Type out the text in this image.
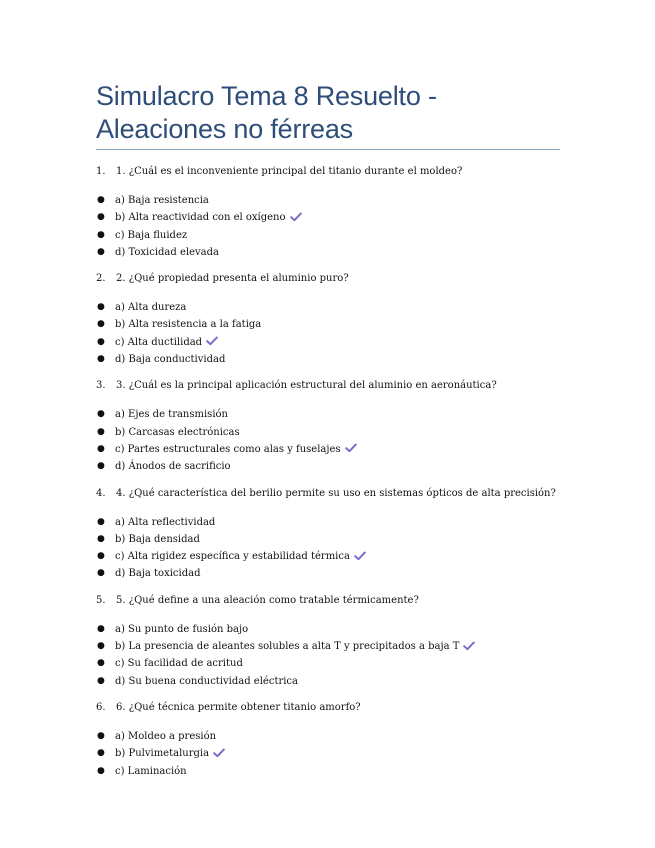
Simulacro Tema 8 Resuelto - Aleaciones no férreas
1. 1. ¿Cuál es el inconveniente principal del titanio durante el moldeo?
● a) Baja resistencia
● b) Alta reactividad con el oxígeno
● c) Baja fluidez
● d) Toxicidad elevada
2. 2. ¿Qué propiedad presenta el aluminio puro?
● a) Alta dureza
● b) Alta resistencia a la fatiga
● c) Alta ductilidad
● d) Baja conductividad
3. 3. ¿Cuál es la principal aplicación estructural del aluminio en aeronáutica?
● a) Ejes de transmisión
● b) Carcasas electrónicas
● c) Partes estructurales como alas y fuselajes
● d) Ánodos de sacrificio
4. 4. ¿Qué característica del berilio permite su uso en sistemas ópticos de alta precisión?
● a) Alta reflectividad
● b) Baja densidad
● c) Alta rigidez específica y estabilidad térmica
● d) Baja toxicidad
5. 5. ¿Qué define a una aleación como tratable térmicamente?
● a) Su punto de fusión bajo
● b) La presencia de aleantes solubles a alta T y precipitados a baja T
● c) Su facilidad de acritud
● d) Su buena conductividad eléctrica
6. 6. ¿Qué técnica permite obtener titanio amorfo?
● a) Moldeo a presión
● b) Pulvimetalurgia
● c) Laminación
